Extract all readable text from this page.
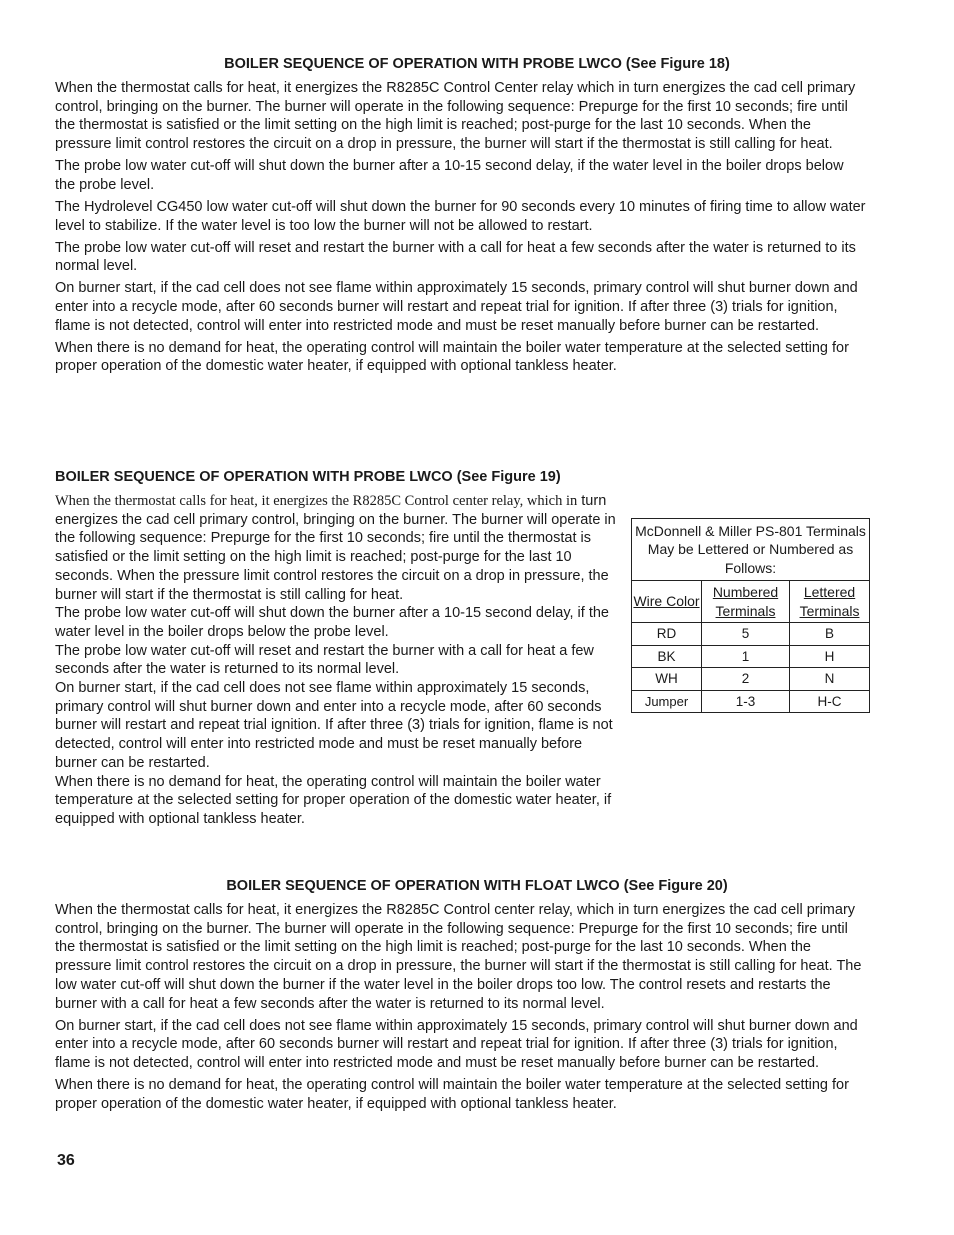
BOILER SEQUENCE OF OPERATION WITH PROBE LWCO (See Figure 18)

When the thermostat calls for heat, it energizes the R8285C Control Center relay which in turn energizes the cad cell primary control, bringing on the burner. The burner will operate in the following sequence: Prepurge for the first 10 seconds; fire until the thermostat is satisfied or the limit setting on the high limit is reached; post-purge for the last 10 seconds. When the pressure limit control restores the circuit on a drop in pressure, the burner will start if the thermostat is still calling for heat.

The probe low water cut-off will shut down the burner after a 10-15 second delay, if the water level in the boiler drops below the probe level.

The Hydrolevel CG450 low water cut-off will shut down the burner for 90 seconds every 10 minutes of firing time to allow water level to stabilize. If the water level is too low the burner will not be allowed to restart.

The probe low water cut-off will reset and restart the burner with a call for heat a few seconds after the water is returned to its normal level.

On burner start, if the cad cell does not see flame within approximately 15 seconds, primary control will shut burner down and enter into a recycle mode, after 60 seconds burner will restart and repeat trial for ignition. If after three (3) trials for ignition, flame is not detected, control will enter into restricted mode and must be reset manually before burner can be restarted.

When there is no demand for heat, the operating control will maintain the boiler water temperature at the selected setting for proper operation of the domestic water heater, if equipped with optional tankless heater.

BOILER SEQUENCE OF OPERATION WITH PROBE LWCO (See Figure 19)

When the thermostat calls for heat, it energizes the R8285C Control center relay, which in turn energizes the cad cell primary control, bringing on the burner. The burner will operate in the following sequence: Prepurge for the first 10 seconds; fire until the thermostat is satisfied or the limit setting on the high limit is reached; post-purge for the last 10 seconds. When the pressure limit control restores the circuit on a drop in pressure, the burner will start if the thermostat is still calling for heat.

The probe low water cut-off will shut down the burner after a 10-15 second delay, if the water level in the boiler drops below the probe level.

The probe low water cut-off will reset and restart the burner with a call for heat a few seconds after the water is returned to its normal level.

On burner start, if the cad cell does not see flame within approximately 15 seconds, primary control will shut burner down and enter into a recycle mode, after 60 seconds burner will restart and repeat trial ignition. If after three (3) trials for ignition, flame is not detected, control will enter into restricted mode and must be reset manually before burner can be restarted.

When there is no demand for heat, the operating control will maintain the boiler water temperature at the selected setting for proper operation of the domestic water heater, if equipped with optional tankless heater.

McDonnell & Miller PS-801 Terminals May be Lettered or Numbered as Follows:		
Wire Color	Numbered Terminals	Lettered Terminals
RD	5	B
BK	1	H
WH	2	N
Jumper	1-3	H-C
BOILER SEQUENCE OF OPERATION WITH FLOAT LWCO (See Figure 20)

When the thermostat calls for heat, it energizes the R8285C Control center relay, which in turn energizes the cad cell primary control, bringing on the burner. The burner will operate in the following sequence: Prepurge for the first 10 seconds; fire until the thermostat is satisfied or the limit setting on the high limit is reached; post-purge for the last 10 seconds. When the pressure limit control restores the circuit on a drop in pressure, the burner will start if the thermostat is still calling for heat. The low water cut-off will shut down the burner if the water level in the boiler drops too low. The control resets and restarts the burner with a call for heat a few seconds after the water is returned to its normal level.

On burner start, if the cad cell does not see flame within approximately 15 seconds, primary control will shut burner down and enter into a recycle mode, after 60 seconds burner will restart and repeat trial for ignition. If after three (3) trials for ignition, flame is not detected, control will enter into restricted mode and must be reset manually before burner can be restarted.

When there is no demand for heat, the operating control will maintain the boiler water temperature at the selected setting for proper operation of the domestic water heater, if equipped with optional tankless heater.

36
